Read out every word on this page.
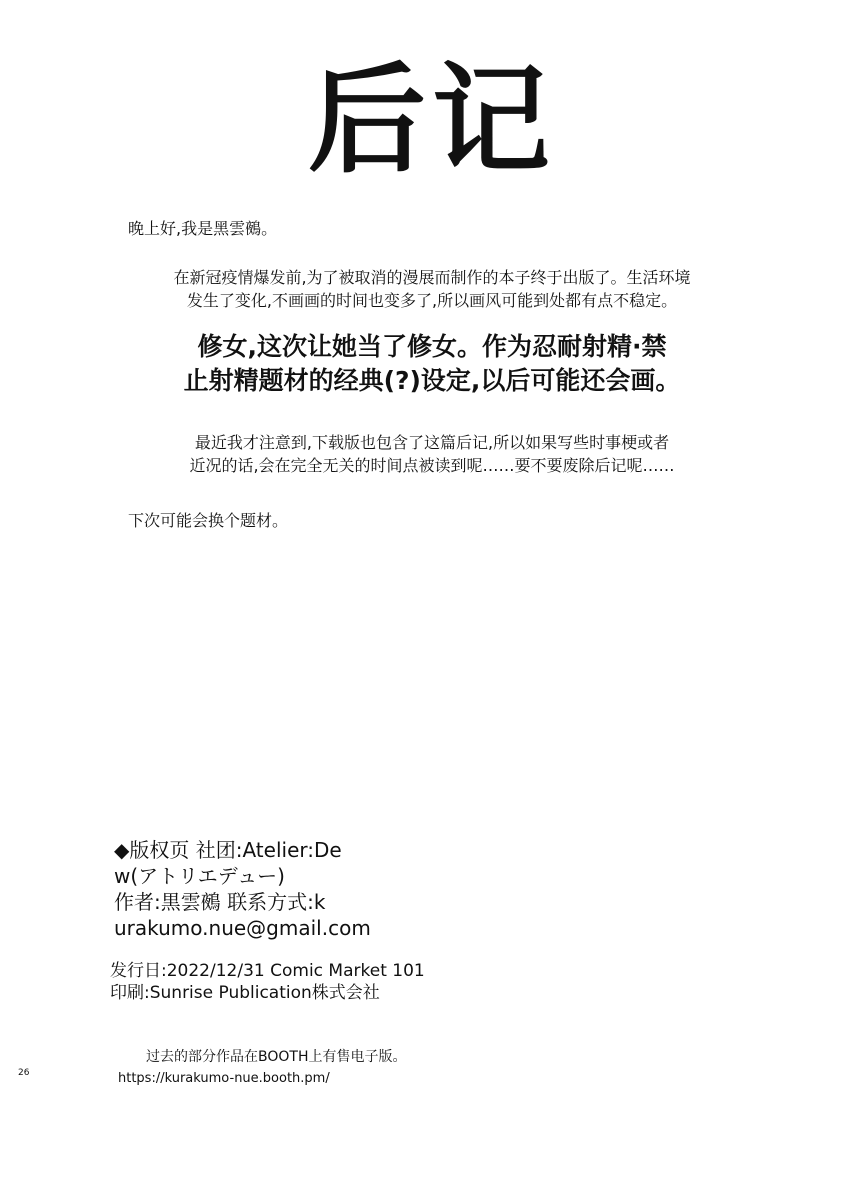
后记
晚上好,我是黑雲鵺。
在新冠疫情爆发前,为了被取消的漫展而制作的本子终于出版了。生活环境
发生了变化,不画画的时间也变多了,所以画风可能到处都有点不稳定。
修女,这次让她当了修女。作为忍耐射精·禁
止射精题材的经典(?)设定,以后可能还会画。
最近我才注意到,下载版也包含了这篇后记,所以如果写些时事梗或者
近况的话,会在完全无关的时间点被读到呢……要不要废除后记呢……
下次可能会换个题材。
◆版权页 社团:Atelier:De
w(アトリエデュー)
作者:黒雲鵺 联系方式:k
urakumo.nue@gmail.com
发行日:2022/12/31 Comic Market 101
印刷:Sunrise Publication株式会社
过去的部分作品在BOOTH上有售电子版。
https://kurakumo-nue.booth.pm/
26
